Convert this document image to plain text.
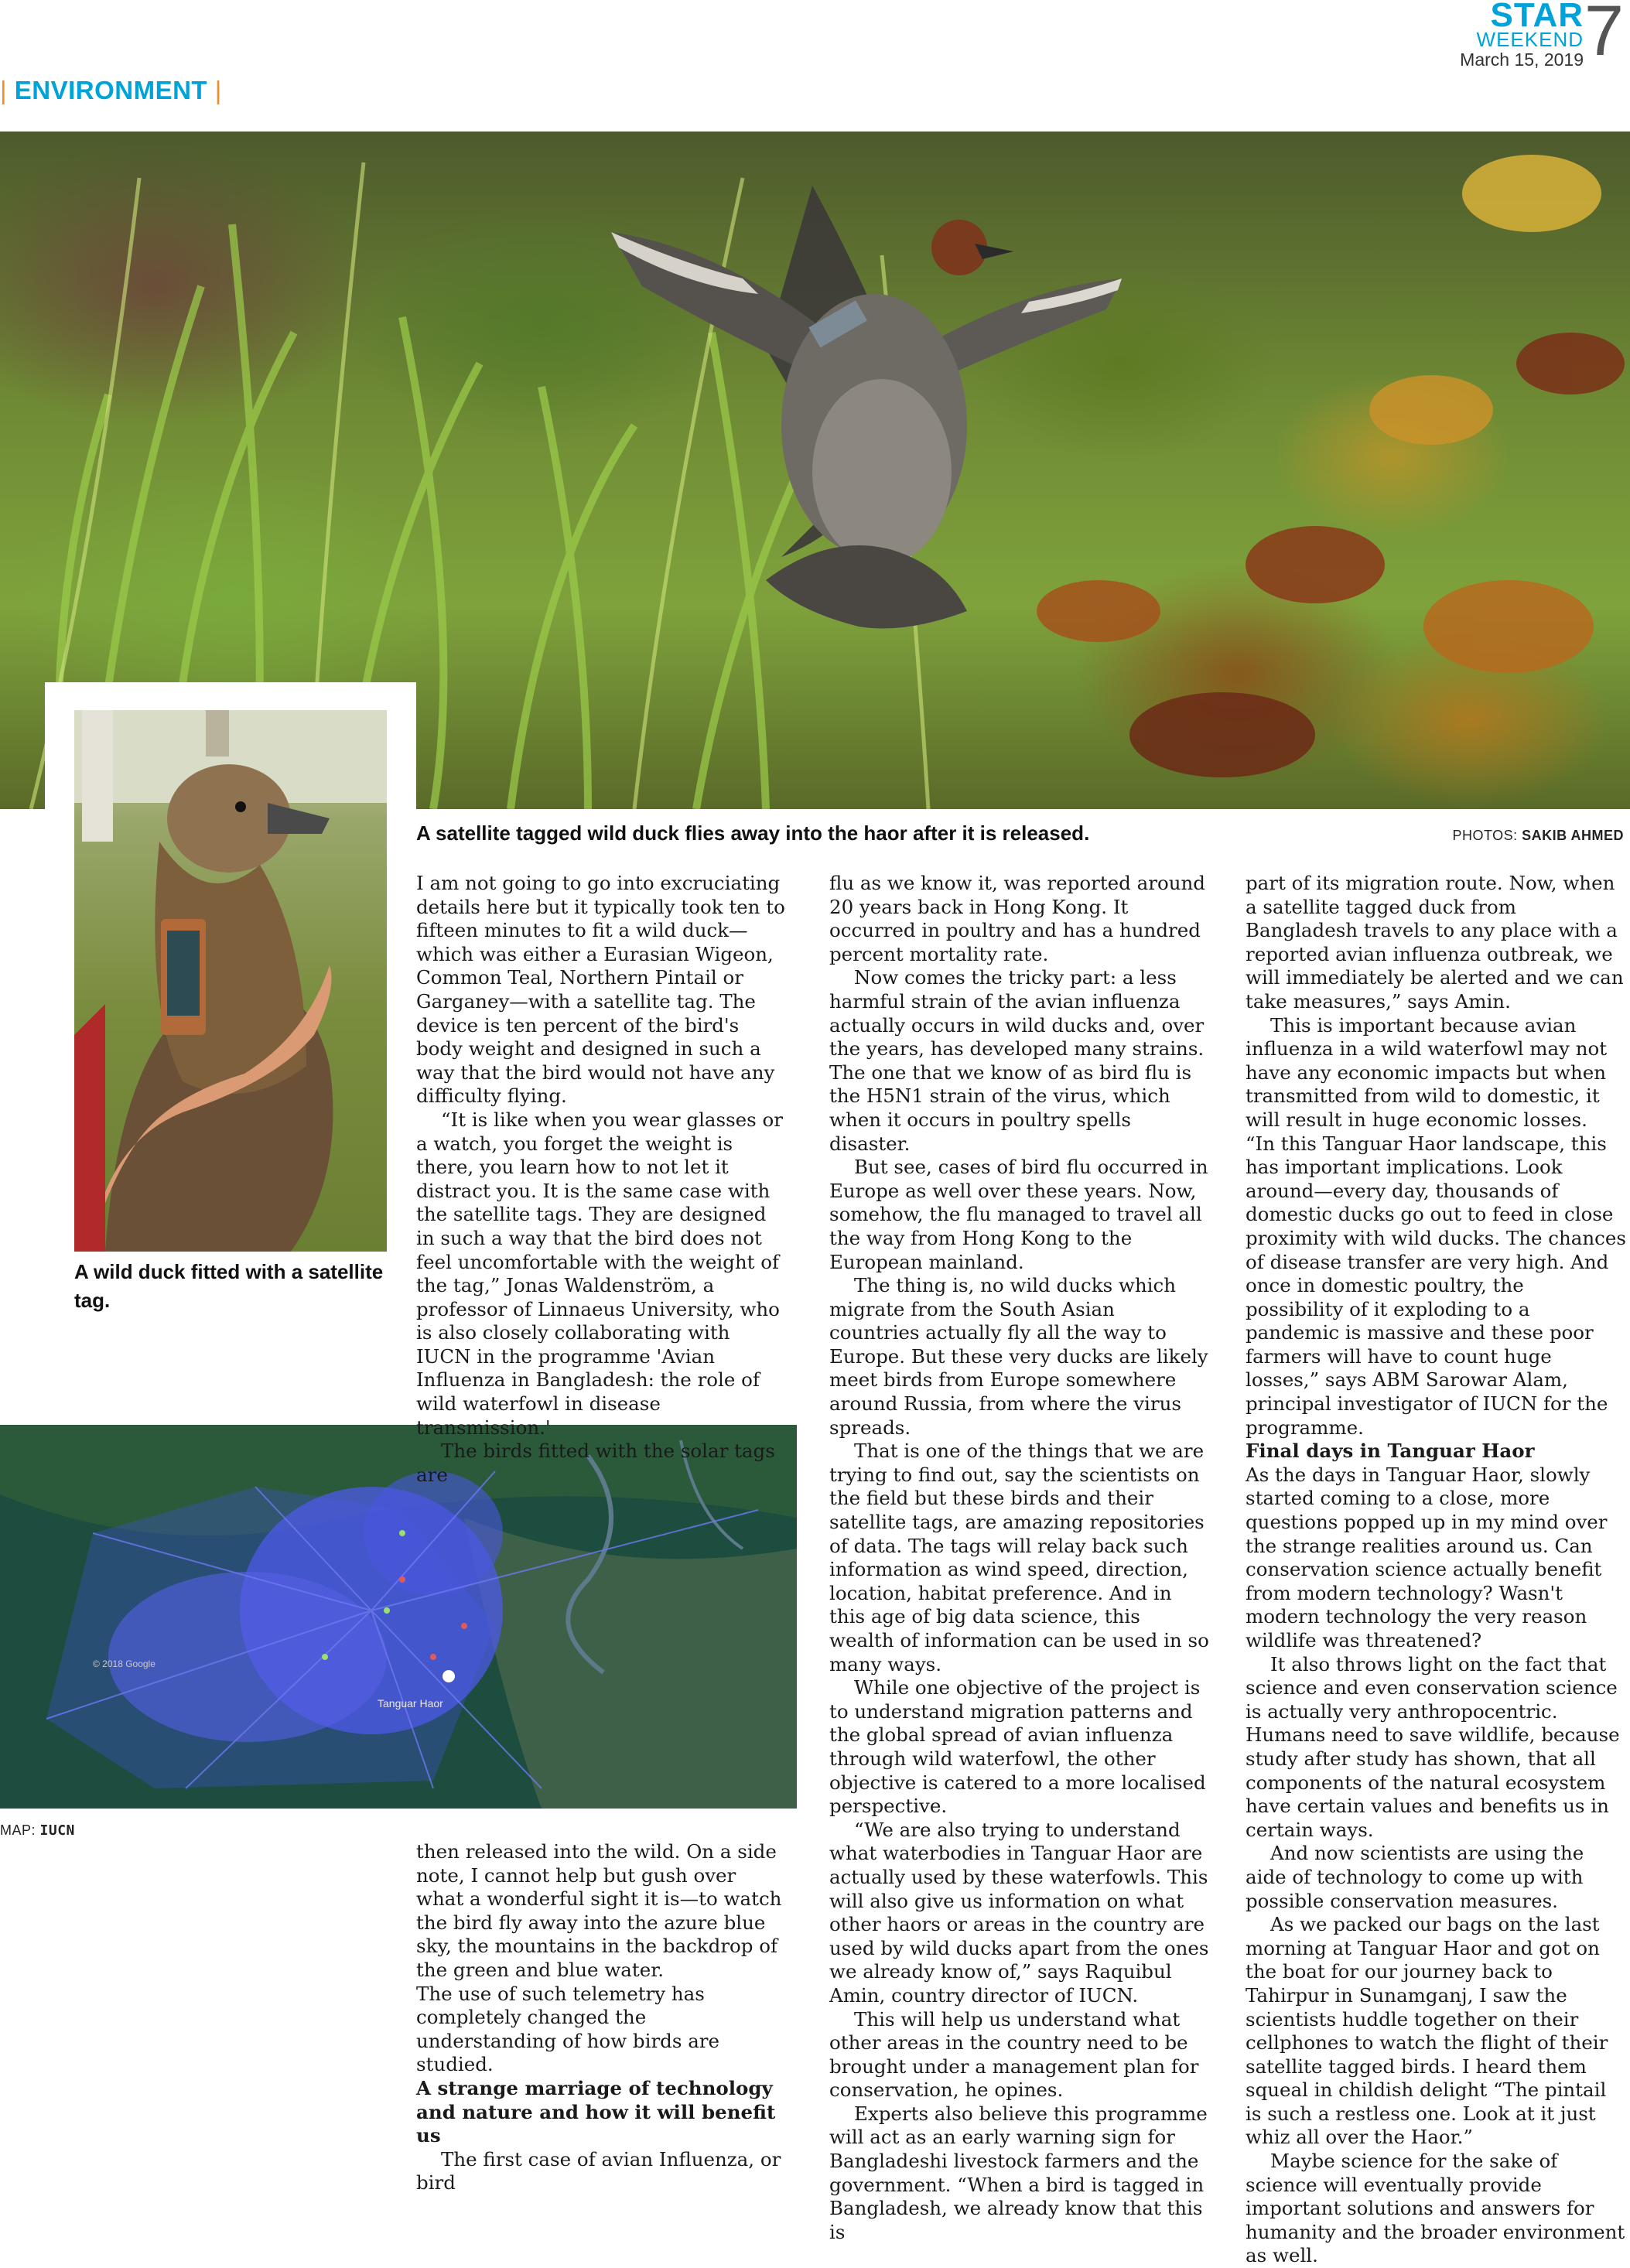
| ENVIRONMENT |
STAR
WEEKEND
March 15, 2019 7
A wild duck fitted with a satellite tag.
A satellite tagged wild duck flies away into the haor after it is released.	PHOTOS: SAKIB AHMED
Tanguar Haor
© 2018 Google
MAP: IUCN

I am not going to go into excruciating details here but it typically took ten to fifteen minutes to fit a wild duck—which was either a Eurasian Wigeon, Common Teal, Northern Pintail or Garganey—with a satellite tag. The device is ten percent of the bird's body weight and designed in such a way that the bird would not have any difficulty flying.

“It is like when you wear glasses or a watch, you forget the weight is there, you learn how to not let it distract you. It is the same case with the satellite tags. They are designed in such a way that the bird does not feel uncomfortable with the weight of the tag,” Jonas Waldenström, a professor of Linnaeus University, who is also closely collaborating with IUCN in the programme 'Avian Influenza in Bangladesh: the role of wild waterfowl in disease transmission.'

The birds fitted with the solar tags are

then released into the wild. On a side note, I cannot help but gush over what a wonderful sight it is—to watch the bird fly away into the azure blue sky, the mountains in the backdrop of the green and blue water.

The use of such telemetry has completely changed the understanding of how birds are studied.

A strange marriage of technology and nature and how it will benefit us

The first case of avian Influenza, or bird

flu as we know it, was reported around 20 years back in Hong Kong. It occurred in poultry and has a hundred percent mortality rate.

Now comes the tricky part: a less harmful strain of the avian influenza actually occurs in wild ducks and, over the years, has developed many strains. The one that we know of as bird flu is the H5N1 strain of the virus, which when it occurs in poultry spells disaster.

But see, cases of bird flu occurred in Europe as well over these years. Now, somehow, the flu managed to travel all the way from Hong Kong to the European mainland.

The thing is, no wild ducks which migrate from the South Asian countries actually fly all the way to Europe. But these very ducks are likely meet birds from Europe somewhere around Russia, from where the virus spreads.

That is one of the things that we are trying to find out, say the scientists on the field but these birds and their satellite tags, are amazing repositories of data. The tags will relay back such information as wind speed, direction, location, habitat preference. And in this age of big data science, this wealth of information can be used in so many ways.

While one objective of the project is to understand migration patterns and the global spread of avian influenza through wild waterfowl, the other objective is catered to a more localised perspective.

“We are also trying to understand what waterbodies in Tanguar Haor are actually used by these waterfowls. This will also give us information on what other haors or areas in the country are used by wild ducks apart from the ones we already know of,” says Raquibul Amin, country director of IUCN.

This will help us understand what other areas in the country need to be brought under a management plan for conservation, he opines.

Experts also believe this programme will act as an early warning sign for Bangladeshi livestock farmers and the government. “When a bird is tagged in Bangladesh, we already know that this is

part of its migration route. Now, when a satellite tagged duck from Bangladesh travels to any place with a reported avian influenza outbreak, we will immediately be alerted and we can take measures,” says Amin.

This is important because avian influenza in a wild waterfowl may not have any economic impacts but when transmitted from wild to domestic, it will result in huge economic losses.

“In this Tanguar Haor landscape, this has important implications. Look around—every day, thousands of domestic ducks go out to feed in close proximity with wild ducks. The chances of disease transfer are very high. And once in domestic poultry, the possibility of it exploding to a pandemic is massive and these poor farmers will have to count huge losses,” says ABM Sarowar Alam, principal investigator of IUCN for the programme.

Final days in Tanguar Haor

As the days in Tanguar Haor, slowly started coming to a close, more questions popped up in my mind over the strange realities around us. Can conservation science actually benefit from modern technology? Wasn't modern technology the very reason wildlife was threatened?

It also throws light on the fact that science and even conservation science is actually very anthropocentric. Humans need to save wildlife, because study after study has shown, that all components of the natural ecosystem have certain values and benefits us in certain ways.

And now scientists are using the aide of technology to come up with possible conservation measures.

As we packed our bags on the last morning at Tanguar Haor and got on the boat for our journey back to Tahirpur in Sunamganj, I saw the scientists huddle together on their cellphones to watch the flight of their satellite tagged birds. I heard them squeal in childish delight “The pintail is such a restless one. Look at it just whiz all over the Haor.”

Maybe science for the sake of science will eventually provide important solutions and answers for humanity and the broader environment as well.
